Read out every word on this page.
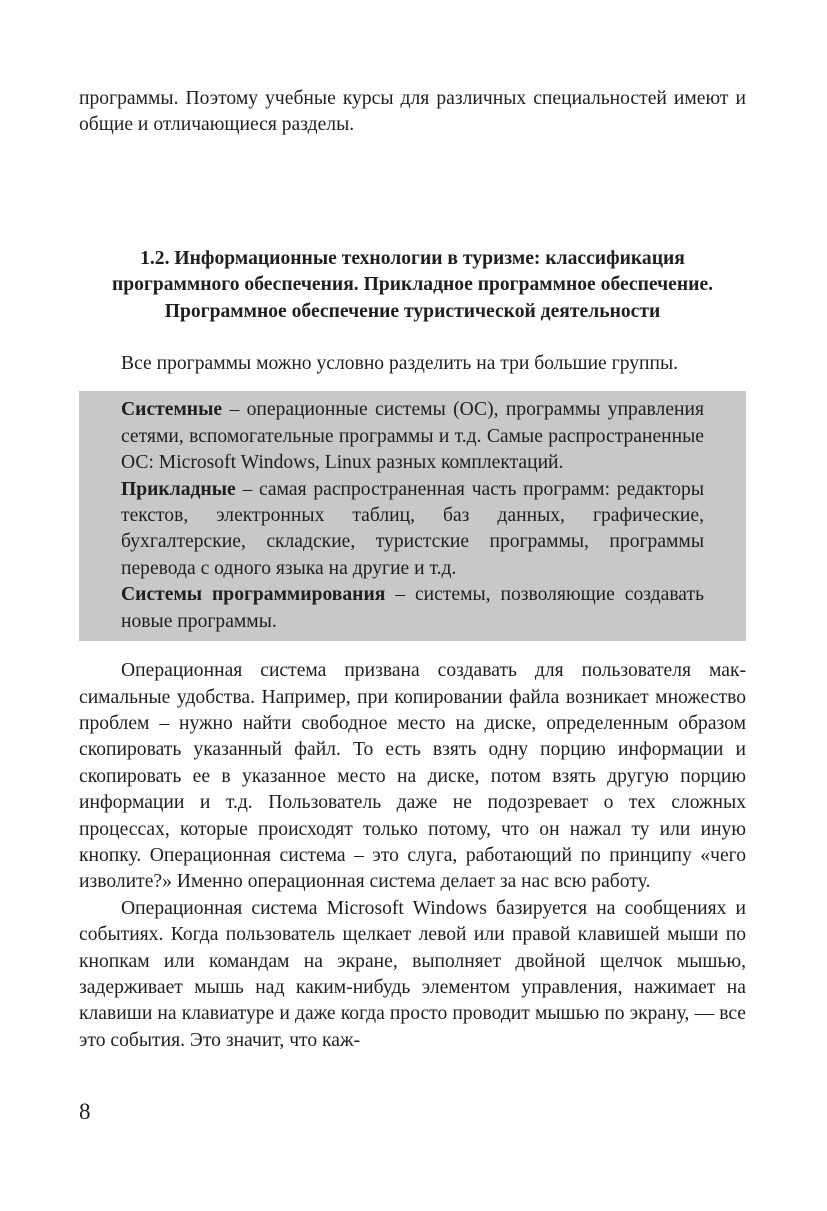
программы. Поэтому учебные курсы для различных специальностей имеют и общие и отличающиеся разделы.

1.2. Информационные технологии в туризме: классификация программного обеспечения. Прикладное программное обеспечение. Программное обеспечение туристической деятельности

Все программы можно условно разделить на три большие группы.

Системные – операционные системы (ОС), программы управления сетями, вспомогательные программы и т.д. Самые распространенные ОС: Microsoft Windows, Linux разных комплектаций.

Прикладные – самая распространенная часть программ: редакторы текстов, электронных таблиц, баз данных, графические, бухгалтерские, складские, туристские программы, программы перевода с одного языка на другие и т.д.

Системы программирования – системы, позволяющие создавать новые программы.

Операционная система призвана создавать для пользователя максимальные удобства. Например, при копировании файла возникает множество проблем – нужно найти свободное место на диске, определенным образом скопировать указанный файл. То есть взять одну порцию информации и скопировать ее в указанное место на диске, потом взять другую порцию информации и т.д. Пользователь даже не подозревает о тех сложных процессах, которые происходят только потому, что он нажал ту или иную кнопку. Операционная система – это слуга, работающий по принципу «чего изволите?» Именно операционная система делает за нас всю работу.

Операционная система Microsoft Windows базируется на сообщениях и событиях. Когда пользователь щелкает левой или правой клавишей мыши по кнопкам или командам на экране, выполняет двойной щелчок мышью, задерживает мышь над каким-нибудь элементом управления, нажимает на клавиши на клавиатуре и даже когда просто проводит мышью по экрану, — все это события. Это значит, что каж-

8
